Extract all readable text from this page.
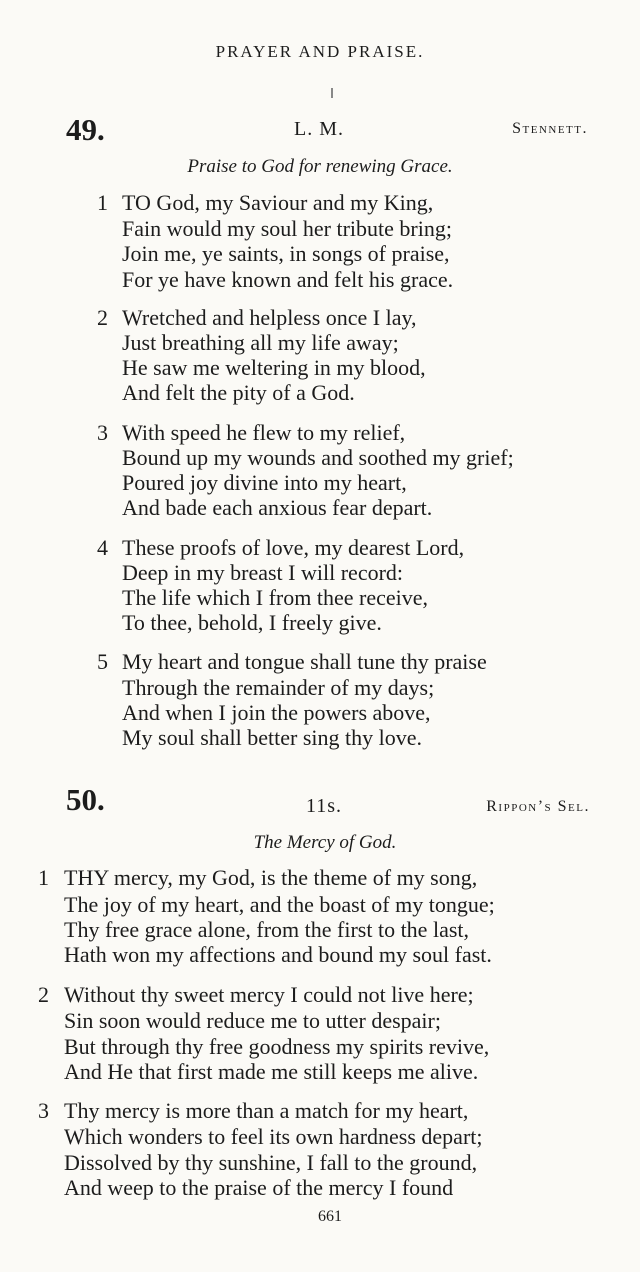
PRAYER AND PRAISE.
49.	L. M.	Stennett.
Praise to God for renewing Grace.
1 TO God, my Saviour and my King,
Fain would my soul her tribute bring;
Join me, ye saints, in songs of praise,
For ye have known and felt his grace.
2 Wretched and helpless once I lay,
Just breathing all my life away;
He saw me weltering in my blood,
And felt the pity of a God.
3 With speed he flew to my relief,
Bound up my wounds and soothed my grief;
Poured joy divine into my heart,
And bade each anxious fear depart.
4 These proofs of love, my dearest Lord,
Deep in my breast I will record:
The life which I from thee receive,
To thee, behold, I freely give.
5 My heart and tongue shall tune thy praise
Through the remainder of my days;
And when I join the powers above,
My soul shall better sing thy love.
50.	11s.	Rippon’s Sel.
The Mercy of God.
1 THY mercy, my God, is the theme of my song,
The joy of my heart, and the boast of my tongue;
Thy free grace alone, from the first to the last,
Hath won my affections and bound my soul fast.
2 Without thy sweet mercy I could not live here;
Sin soon would reduce me to utter despair;
But through thy free goodness my spirits revive,
And He that first made me still keeps me alive.
3 Thy mercy is more than a match for my heart,
Which wonders to feel its own hardness depart;
Dissolved by thy sunshine, I fall to the ground,
And weep to the praise of the mercy I found
661
